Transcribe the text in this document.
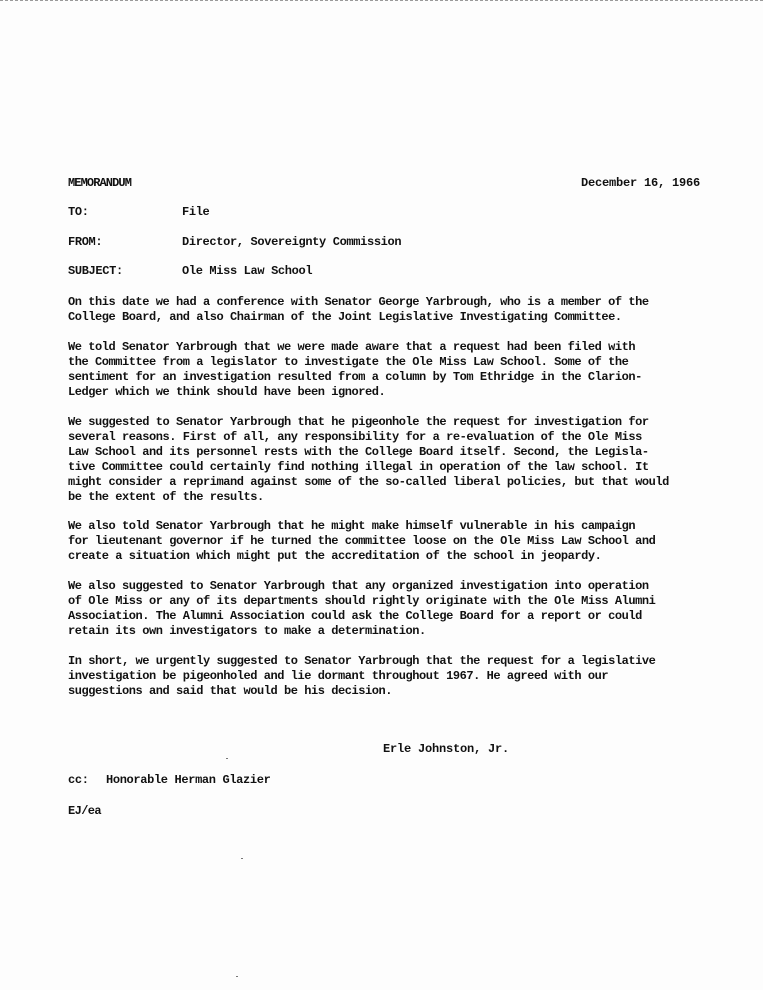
MEMORANDUM	December 16, 1966
TO:	File
FROM:	Director, Sovereignty Commission
SUBJECT:	Ole Miss Law School
On this date we had a conference with Senator George Yarbrough, who is a member of the
College Board, and also Chairman of the Joint Legislative Investigating Committee.
We told Senator Yarbrough that we were made aware that a request had been filed with
the Committee from a legislator to investigate the Ole Miss Law School. Some of the
sentiment for an investigation resulted from a column by Tom Ethridge in the Clarion-
Ledger which we think should have been ignored.
We suggested to Senator Yarbrough that he pigeonhole the request for investigation for
several reasons. First of all, any responsibility for a re-evaluation of the Ole Miss
Law School and its personnel rests with the College Board itself. Second, the Legisla-
tive Committee could certainly find nothing illegal in operation of the law school. It
might consider a reprimand against some of the so-called liberal policies, but that would
be the extent of the results.
We also told Senator Yarbrough that he might make himself vulnerable in his campaign
for lieutenant governor if he turned the committee loose on the Ole Miss Law School and
create a situation which might put the accreditation of the school in jeopardy.
We also suggested to Senator Yarbrough that any organized investigation into operation
of Ole Miss or any of its departments should rightly originate with the Ole Miss Alumni
Association. The Alumni Association could ask the College Board for a report or could
retain its own investigators to make a determination.
In short, we urgently suggested to Senator Yarbrough that the request for a legislative
investigation be pigeonholed and lie dormant throughout 1967. He agreed with our
suggestions and said that would be his decision.
Erle Johnston, Jr.
cc: Honorable Herman Glazier
EJ/ea
